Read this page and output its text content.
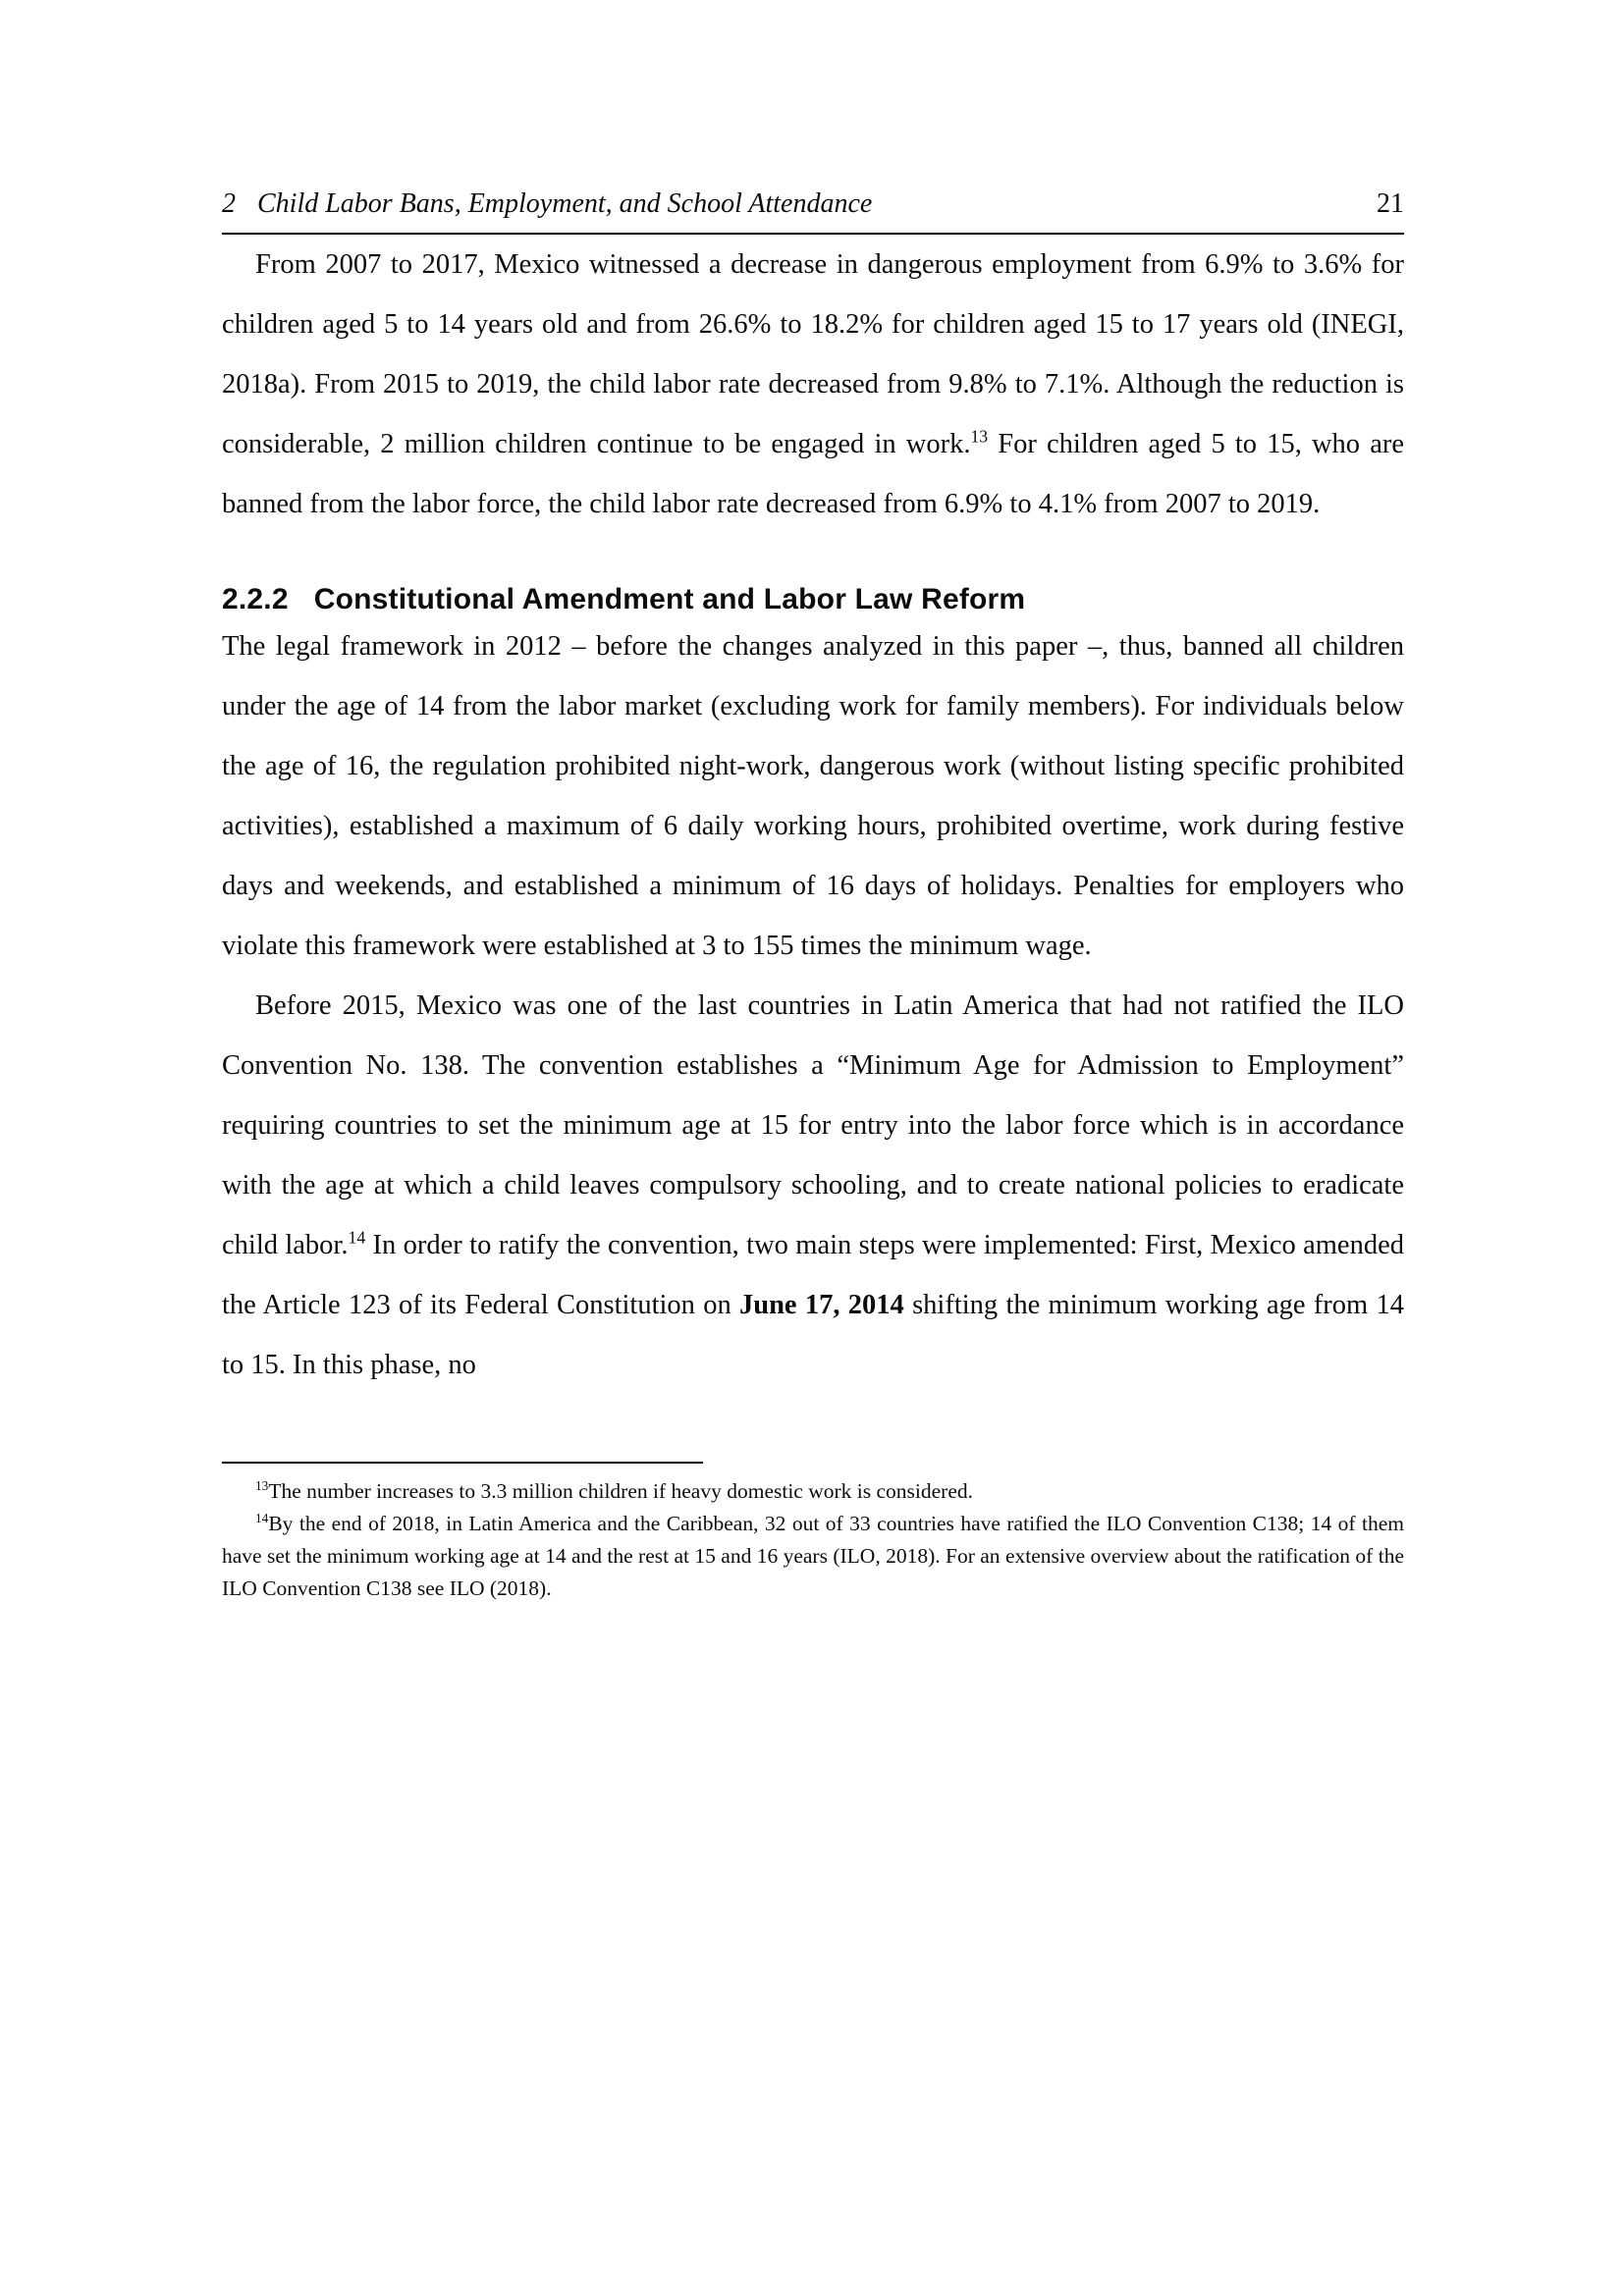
2 Child Labor Bans, Employment, and School Attendance	21

From 2007 to 2017, Mexico witnessed a decrease in dangerous employment from 6.9% to 3.6% for children aged 5 to 14 years old and from 26.6% to 18.2% for children aged 15 to 17 years old (INEGI, 2018a). From 2015 to 2019, the child labor rate decreased from 9.8% to 7.1%. Although the reduction is considerable, 2 million children continue to be engaged in work.$^{13}$ For children aged 5 to 15, who are banned from the labor force, the child labor rate decreased from 6.9% to 4.1% from 2007 to 2019.

2.2.2 Constitutional Amendment and Labor Law Reform

The legal framework in 2012 – before the changes analyzed in this paper –, thus, banned all children under the age of 14 from the labor market (excluding work for family members). For individuals below the age of 16, the regulation prohibited night-work, dangerous work (without listing specific prohibited activities), established a maximum of 6 daily working hours, prohibited overtime, work during festive days and weekends, and established a minimum of 16 days of holidays. Penalties for employers who violate this framework were established at 3 to 155 times the minimum wage.

Before 2015, Mexico was one of the last countries in Latin America that had not ratified the ILO Convention No. 138. The convention establishes a “Minimum Age for Admission to Employment” requiring countries to set the minimum age at 15 for entry into the labor force which is in accordance with the age at which a child leaves compulsory schooling, and to create national policies to eradicate child labor.$^{14}$ In order to ratify the convention, two main steps were implemented: First, Mexico amended the Article 123 of its Federal Constitution on June 17, 2014 shifting the minimum working age from 14 to 15. In this phase, no

$^{13}$The number increases to 3.3 million children if heavy domestic work is considered.

$^{14}$By the end of 2018, in Latin America and the Caribbean, 32 out of 33 countries have ratified the ILO Convention C138; 14 of them have set the minimum working age at 14 and the rest at 15 and 16 years (ILO, 2018). For an extensive overview about the ratification of the ILO Convention C138 see ILO (2018).
